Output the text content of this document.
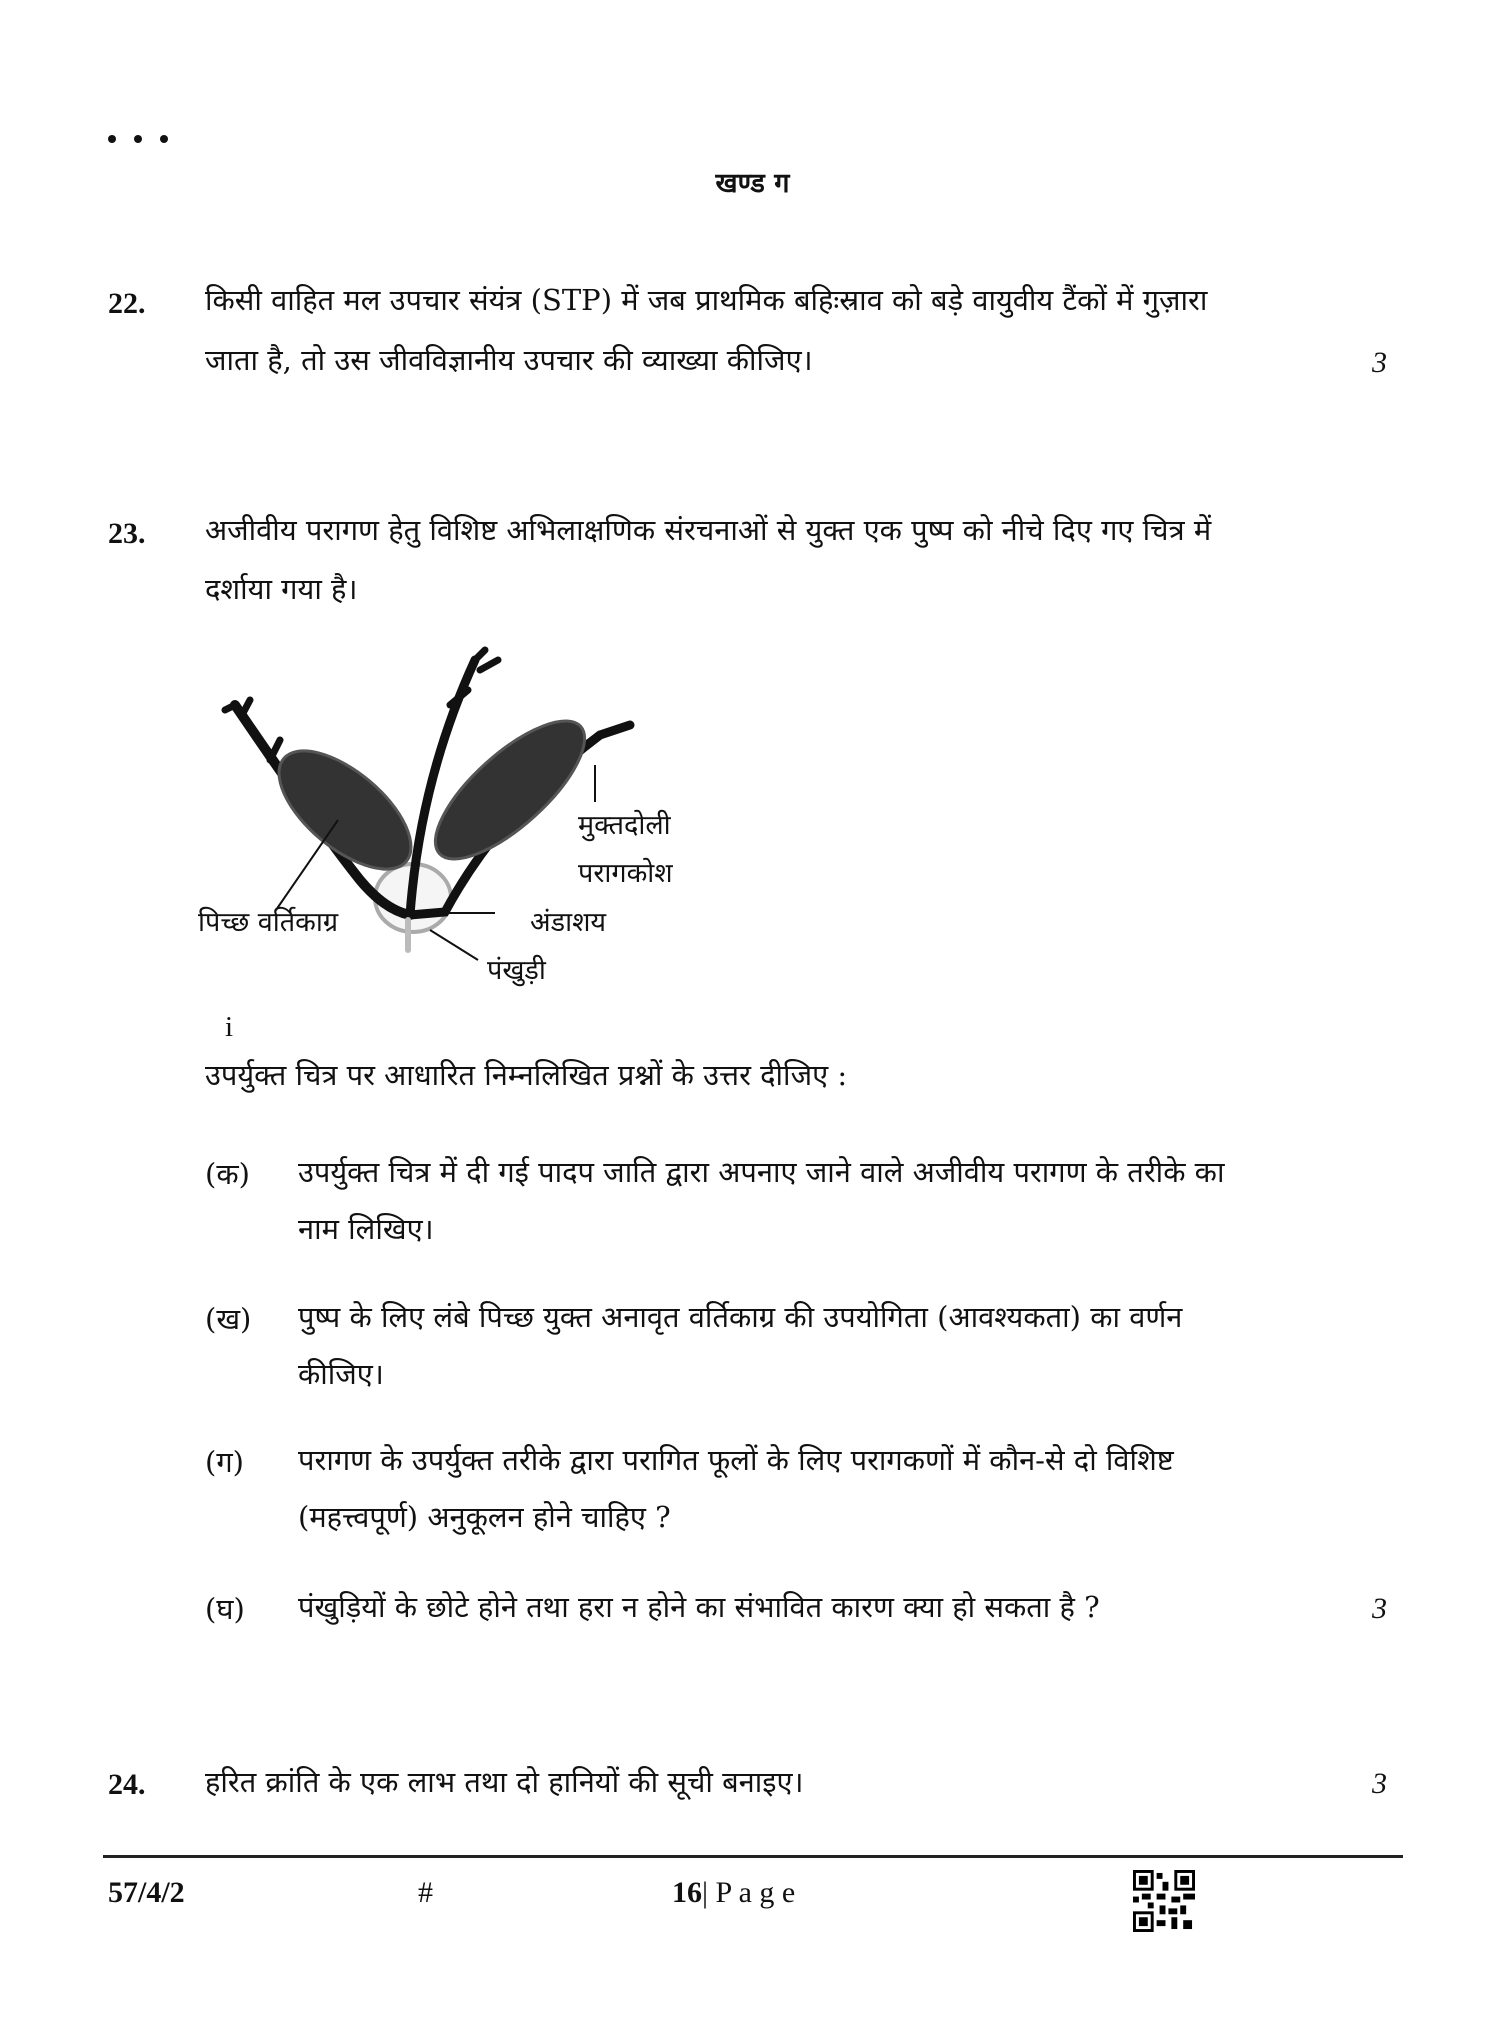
खण्ड ग
22. किसी वाहित मल उपचार संयंत्र (STP) में जब प्राथमिक बहिःस्राव को बड़े वायुवीय टैंकों में गुज़ारा
जाता है, तो उस जीवविज्ञानीय उपचार की व्याख्या कीजिए।	3
23. अजीवीय परागण हेतु विशिष्ट अभिलाक्षणिक संरचनाओं से युक्त एक पुष्प को नीचे दिए गए चित्र में
दर्शाया गया है।
मुक्तदोली
परागकोश
पिच्छ वर्तिकाग्र	अंडाशय
पंखुड़ी
i
उपर्युक्त चित्र पर आधारित निम्नलिखित प्रश्नों के उत्तर दीजिए :
(क) उपर्युक्त चित्र में दी गई पादप जाति द्वारा अपनाए जाने वाले अजीवीय परागण के तरीके का
नाम लिखिए।
(ख) पुष्प के लिए लंबे पिच्छ युक्त अनावृत वर्तिकाग्र की उपयोगिता (आवश्यकता) का वर्णन
कीजिए।
(ग) परागण के उपर्युक्त तरीके द्वारा परागित फूलों के लिए परागकणों में कौन-से दो विशिष्ट
(महत्त्वपूर्ण) अनुकूलन होने चाहिए ?
(घ) पंखुड़ियों के छोटे होने तथा हरा न होने का संभावित कारण क्या हो सकता है ?	3
24. हरित क्रांति के एक लाभ तथा दो हानियों की सूची बनाइए।	3
57/4/2	#	16| P a g e
